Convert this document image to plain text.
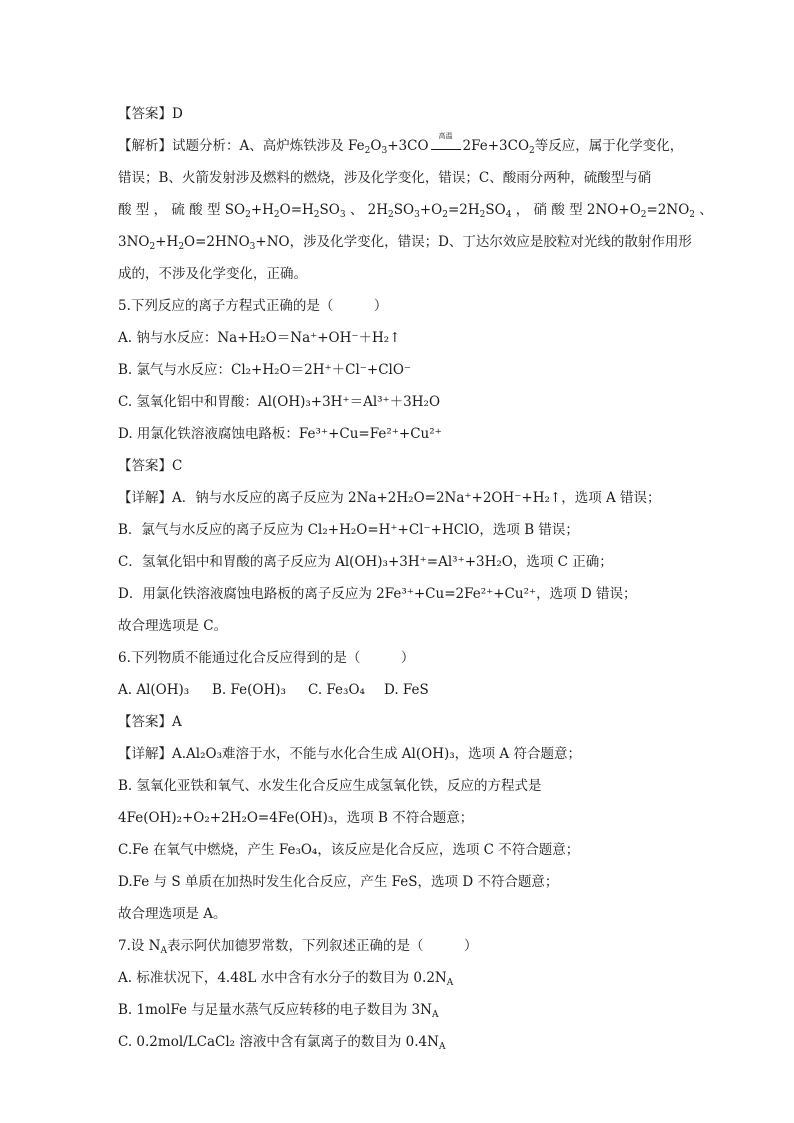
【答案】D
【解析】试题分析：A、高炉炼铁涉及 $Fe_2O_3+3CO$
高温
$2Fe+3CO_2$等反应，属于化学变化，
错误；B、火箭发射涉及燃料的燃烧，涉及化学变化，错误；C、酸雨分两种，硫酸型与硝
酸 型 ， 硫 酸 型 $SO_2+H_2O=H_2SO_3$ 、 $2H_2SO_3+O_2=2H_2SO_4$ ， 硝 酸 型 $2NO+O_2=2NO_2$ 、
$3NO_2+H_2O=2HNO_3+NO$，涉及化学变化，错误；D、丁达尔效应是胶粒对光线的散射作用形
成的，不涉及化学变化，正确。
5.下列反应的离子方程式正确的是（　　　）
A. 钠与水反应：Na+H₂O＝Na⁺+OH⁻＋H₂↑
B. 氯气与水反应：Cl₂+H₂O＝2H⁺＋Cl⁻+ClO⁻
C. 氢氧化铝中和胃酸：Al(OH)₃+3H⁺＝Al³⁺＋3H₂O
D. 用氯化铁溶液腐蚀电路板：Fe³⁺+Cu=Fe²⁺+Cu²⁺
【答案】C
【详解】A．钠与水反应的离子反应为 2Na+2H₂O=2Na⁺+2OH⁻+H₂↑，选项 A 错误；
B．氯气与水反应的离子反应为 Cl₂+H₂O=H⁺+Cl⁻+HClO，选项 B 错误；
C．氢氧化铝中和胃酸的离子反应为 Al(OH)₃+3H⁺=Al³⁺+3H₂O，选项 C 正确；
D．用氯化铁溶液腐蚀电路板的离子反应为 2Fe³⁺+Cu=2Fe²⁺+Cu²⁺，选项 D 错误；
故合理选项是 C。
6.下列物质不能通过化合反应得到的是（　　　）
A. Al(OH)₃ B. Fe(OH)₃ C. Fe₃O₄ D. FeS
【答案】A
【详解】A.Al₂O₃难溶于水，不能与水化合生成 Al(OH)₃，选项 A 符合题意；
B. 氢氧化亚铁和氧气、水发生化合反应生成氢氧化铁，反应的方程式是
4Fe(OH)₂+O₂+2H₂O=4Fe(OH)₃，选项 B 不符合题意；
C.Fe 在氧气中燃烧，产生 Fe₃O₄，该反应是化合反应，选项 C 不符合题意；
D.Fe 与 S 单质在加热时发生化合反应，产生 FeS，选项 D 不符合题意；
故合理选项是 A。
7.设 $N_A$表示阿伏加德罗常数，下列叙述正确的是（　　　）
A. 标准状况下，4.48L 水中含有水分子的数目为 $0.2N_A$
B. 1molFe 与足量水蒸气反应转移的电子数目为 $3N_A$
C. 0.2mol/LCaCl₂ 溶液中含有氯离子的数目为 $0.4N_A$
